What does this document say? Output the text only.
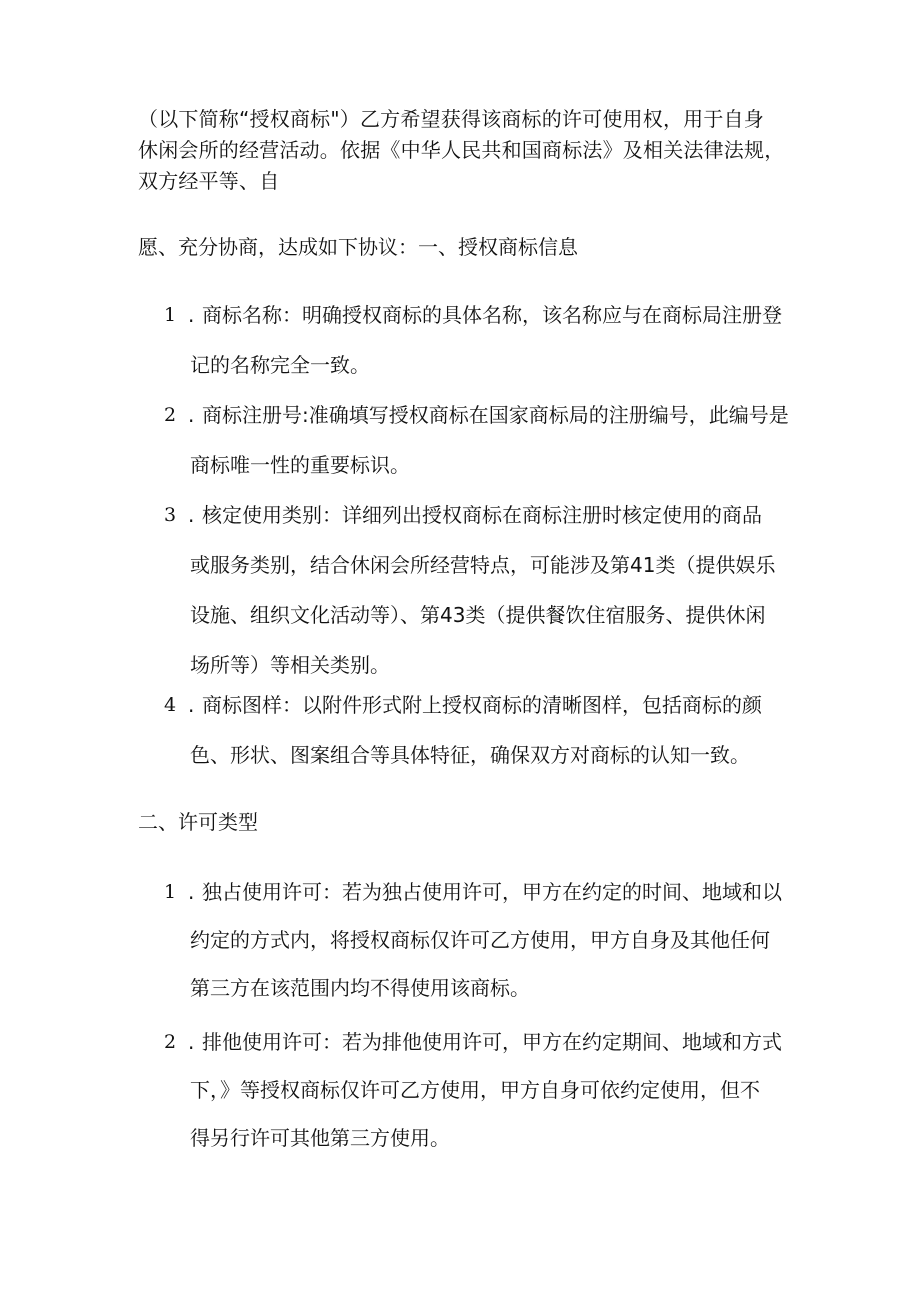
（以下简称“授权商标"）乙方希望获得该商标的许可使用权，用于自身
休闲会所的经营活动。依据《中华人民共和国商标法》及相关法律法规，
双方经平等、自
愿、充分协商，达成如下协议：一、授权商标信息
1 . 商标名称：明确授权商标的具体名称，该名称应与在商标局注册登
记的名称完全一致。
2 . 商标注册号:准确填写授权商标在国家商标局的注册编号，此编号是
商标唯一性的重要标识。
3 . 核定使用类别：详细列出授权商标在商标注册时核定使用的商品
或服务类别，结合休闲会所经营特点，可能涉及第41类（提供娱乐
设施、组织文化活动等）、第43类（提供餐饮住宿服务、提供休闲
场所等）等相关类别。
4 . 商标图样：以附件形式附上授权商标的清晰图样，包括商标的颜
色、形状、图案组合等具体特征，确保双方对商标的认知一致。
二、许可类型
1 . 独占使用许可：若为独占使用许可，甲方在约定的时间、地域和以
约定的方式内，将授权商标仅许可乙方使用，甲方自身及其他任何
第三方在该范围内均不得使用该商标。
2 . 排他使用许可：若为排他使用许可，甲方在约定期间、地域和方式
下，》等授权商标仅许可乙方使用，甲方自身可依约定使用，但不
得另行许可其他第三方使用。
